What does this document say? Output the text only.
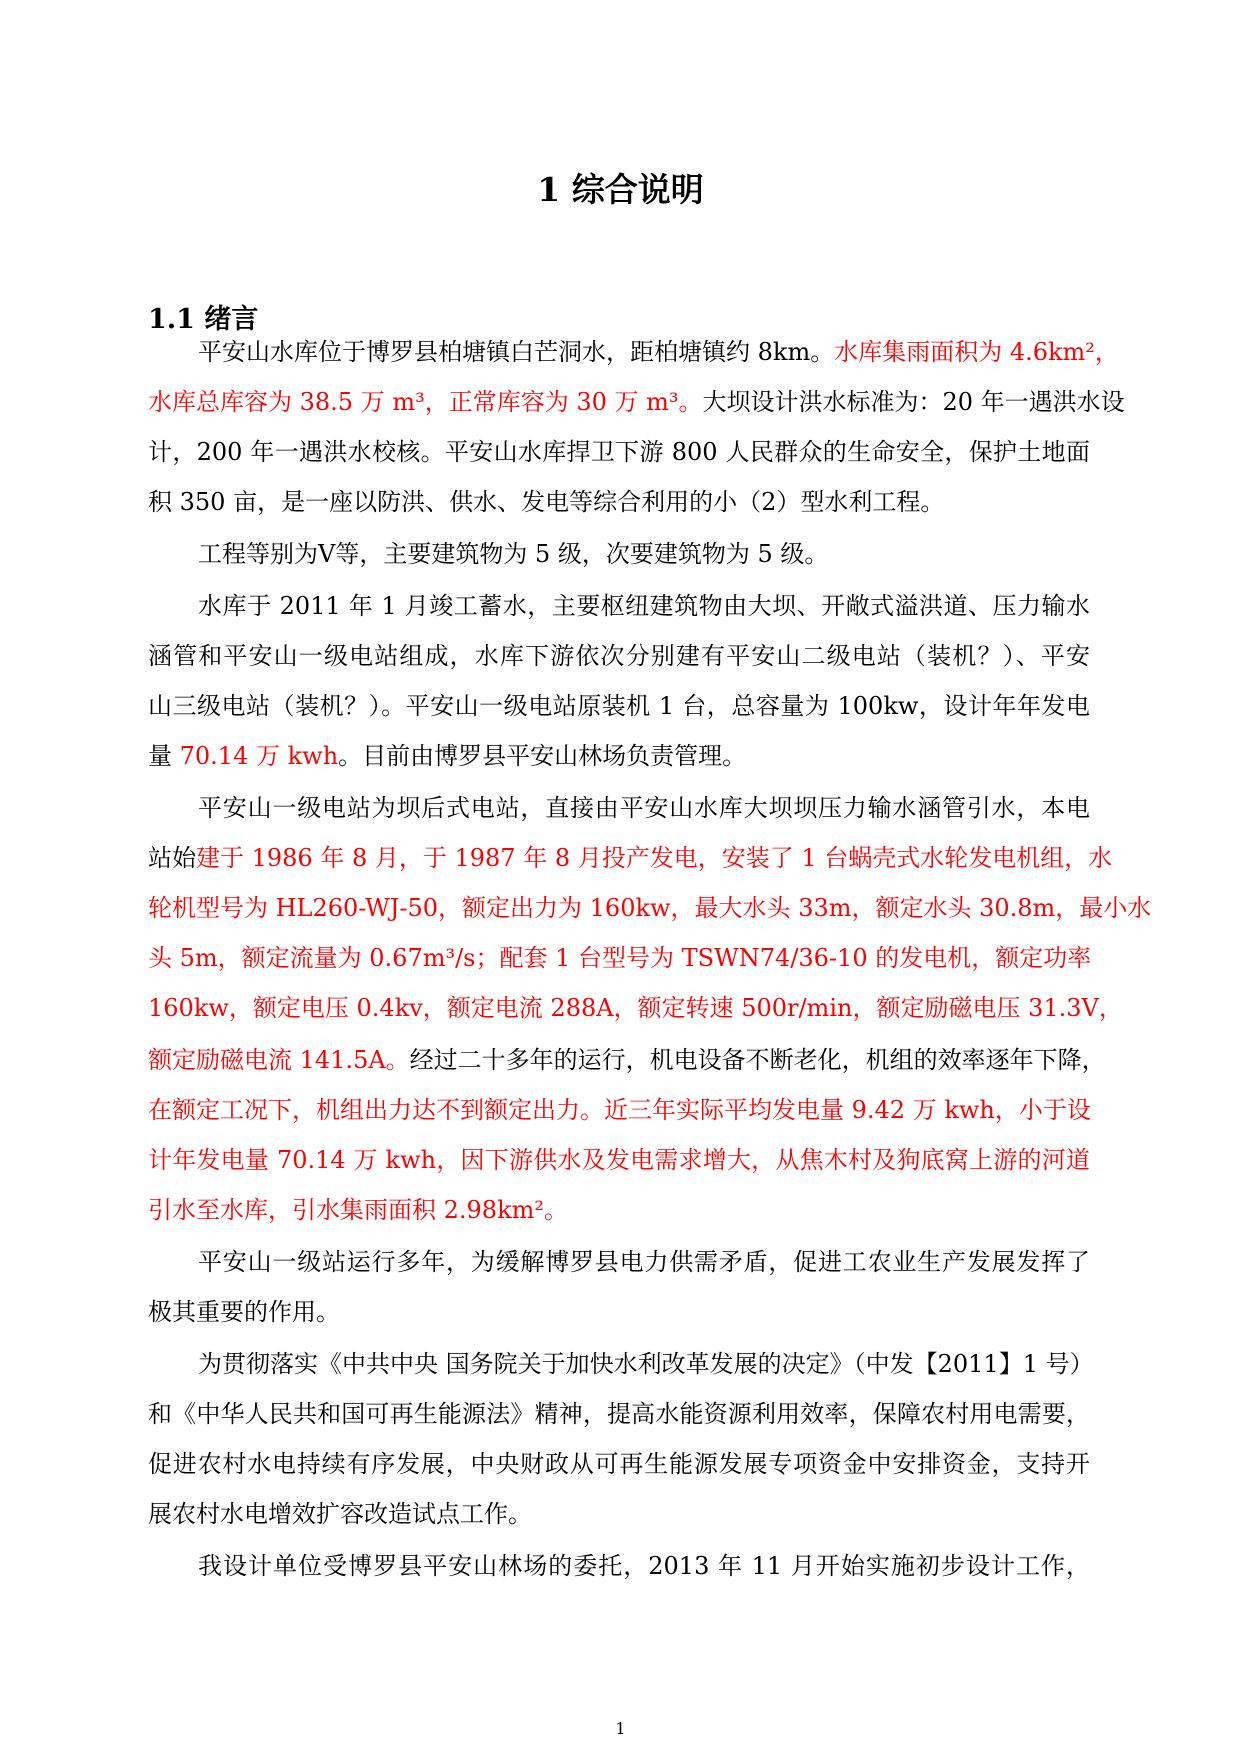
1 综合说明
1.1 绪言
平安山水库位于博罗县柏塘镇白芒洞水，距柏塘镇约 8km。水库集雨面积为 4.6km²，
水库总库容为 38.5 万 m³，正常库容为 30 万 m³。大坝设计洪水标准为：20 年一遇洪水设
计，200 年一遇洪水校核。平安山水库捍卫下游 800 人民群众的生命安全，保护土地面
积 350 亩，是一座以防洪、供水、发电等综合利用的小（2）型水利工程。
工程等别为Ⅴ等，主要建筑物为 5 级，次要建筑物为 5 级。
水库于 2011 年 1 月竣工蓄水，主要枢纽建筑物由大坝、开敞式溢洪道、压力输水
涵管和平安山一级电站组成，水库下游依次分别建有平安山二级电站（装机？）、平安
山三级电站（装机？）。平安山一级电站原装机 1 台，总容量为 100kw，设计年年发电
量 70.14 万 kwh。目前由博罗县平安山林场负责管理。
平安山一级电站为坝后式电站，直接由平安山水库大坝坝压力输水涵管引水，本电
站始建于 1986 年 8 月，于 1987 年 8 月投产发电，安装了 1 台蜗壳式水轮发电机组，水
轮机型号为 HL260-WJ-50，额定出力为 160kw，最大水头 33m，额定水头 30.8m，最小水
头 5m，额定流量为 0.67m³/s；配套 1 台型号为 TSWN74/36-10 的发电机，额定功率
160kw，额定电压 0.4kv，额定电流 288A，额定转速 500r/min，额定励磁电压 31.3V，
额定励磁电流 141.5A。经过二十多年的运行，机电设备不断老化，机组的效率逐年下降，
在额定工况下，机组出力达不到额定出力。近三年实际平均发电量 9.42 万 kwh，小于设
计年发电量 70.14 万 kwh，因下游供水及发电需求增大，从焦木村及狗底窝上游的河道
引水至水库，引水集雨面积 2.98km²。
平安山一级站运行多年，为缓解博罗县电力供需矛盾，促进工农业生产发展发挥了
极其重要的作用。
为贯彻落实《中共中央 国务院关于加快水利改革发展的决定》（中发【2011】1 号）
和《中华人民共和国可再生能源法》精神，提高水能资源利用效率，保障农村用电需要，
促进农村水电持续有序发展，中央财政从可再生能源发展专项资金中安排资金，支持开
展农村水电增效扩容改造试点工作。
我设计单位受博罗县平安山林场的委托，2013 年 11 月开始实施初步设计工作，
1
